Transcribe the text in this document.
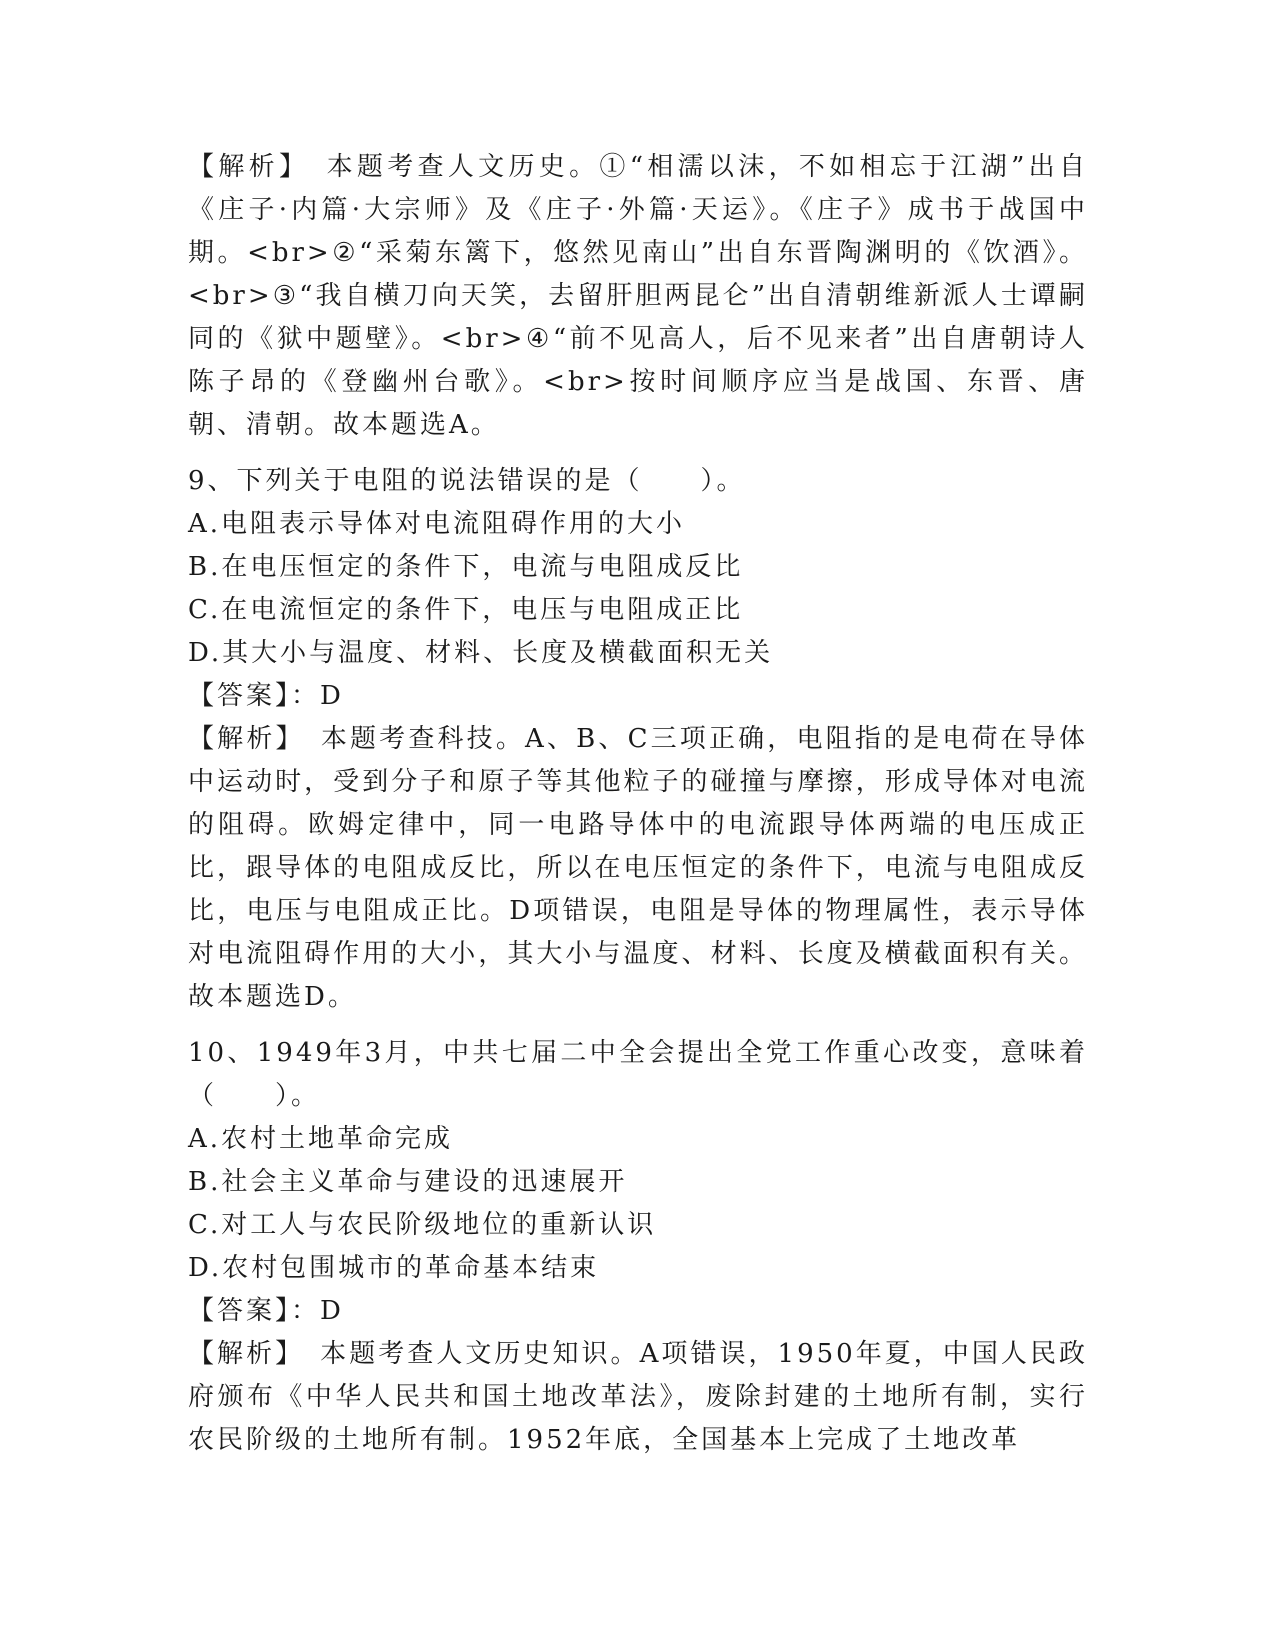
【解析】　本题考查人文历史。①“相濡以沫，不如相忘于江湖”出自《庄子·内篇·大宗师》及《庄子·外篇·天运》。《庄子》成书于战国中期。<br>②“采菊东篱下，悠然见南山”出自东晋陶渊明的《饮酒》。<br>③“我自横刀向天笑，去留肝胆两昆仑”出自清朝维新派人士谭嗣同的《狱中题壁》。<br>④“前不见高人，后不见来者”出自唐朝诗人陈子昂的《登幽州台歌》。<br>按时间顺序应当是战国、东晋、唐朝、清朝。故本题选A。

9、下列关于电阻的说法错误的是（　　）。

A.电阻表示导体对电流阻碍作用的大小

B.在电压恒定的条件下，电流与电阻成反比

C.在电流恒定的条件下，电压与电阻成正比

D.其大小与温度、材料、长度及横截面积无关

【答案】：D

【解析】　本题考查科技。A、B、C三项正确，电阻指的是电荷在导体中运动时，受到分子和原子等其他粒子的碰撞与摩擦，形成导体对电流的阻碍。欧姆定律中，同一电路导体中的电流跟导体两端的电压成正比，跟导体的电阻成反比，所以在电压恒定的条件下，电流与电阻成反比，电压与电阻成正比。D项错误，电阻是导体的物理属性，表示导体对电流阻碍作用的大小，其大小与温度、材料、长度及横截面积有关。故本题选D。

10、1949年3月，中共七届二中全会提出全党工作重心改变，意味着（　　）。

A.农村土地革命完成

B.社会主义革命与建设的迅速展开

C.对工人与农民阶级地位的重新认识

D.农村包围城市的革命基本结束

【答案】：D

【解析】　本题考查人文历史知识。A项错误，1950年夏，中国人民政府颁布《中华人民共和国土地改革法》，废除封建的土地所有制，实行农民阶级的土地所有制。1952年底，全国基本上完成了土地改革
